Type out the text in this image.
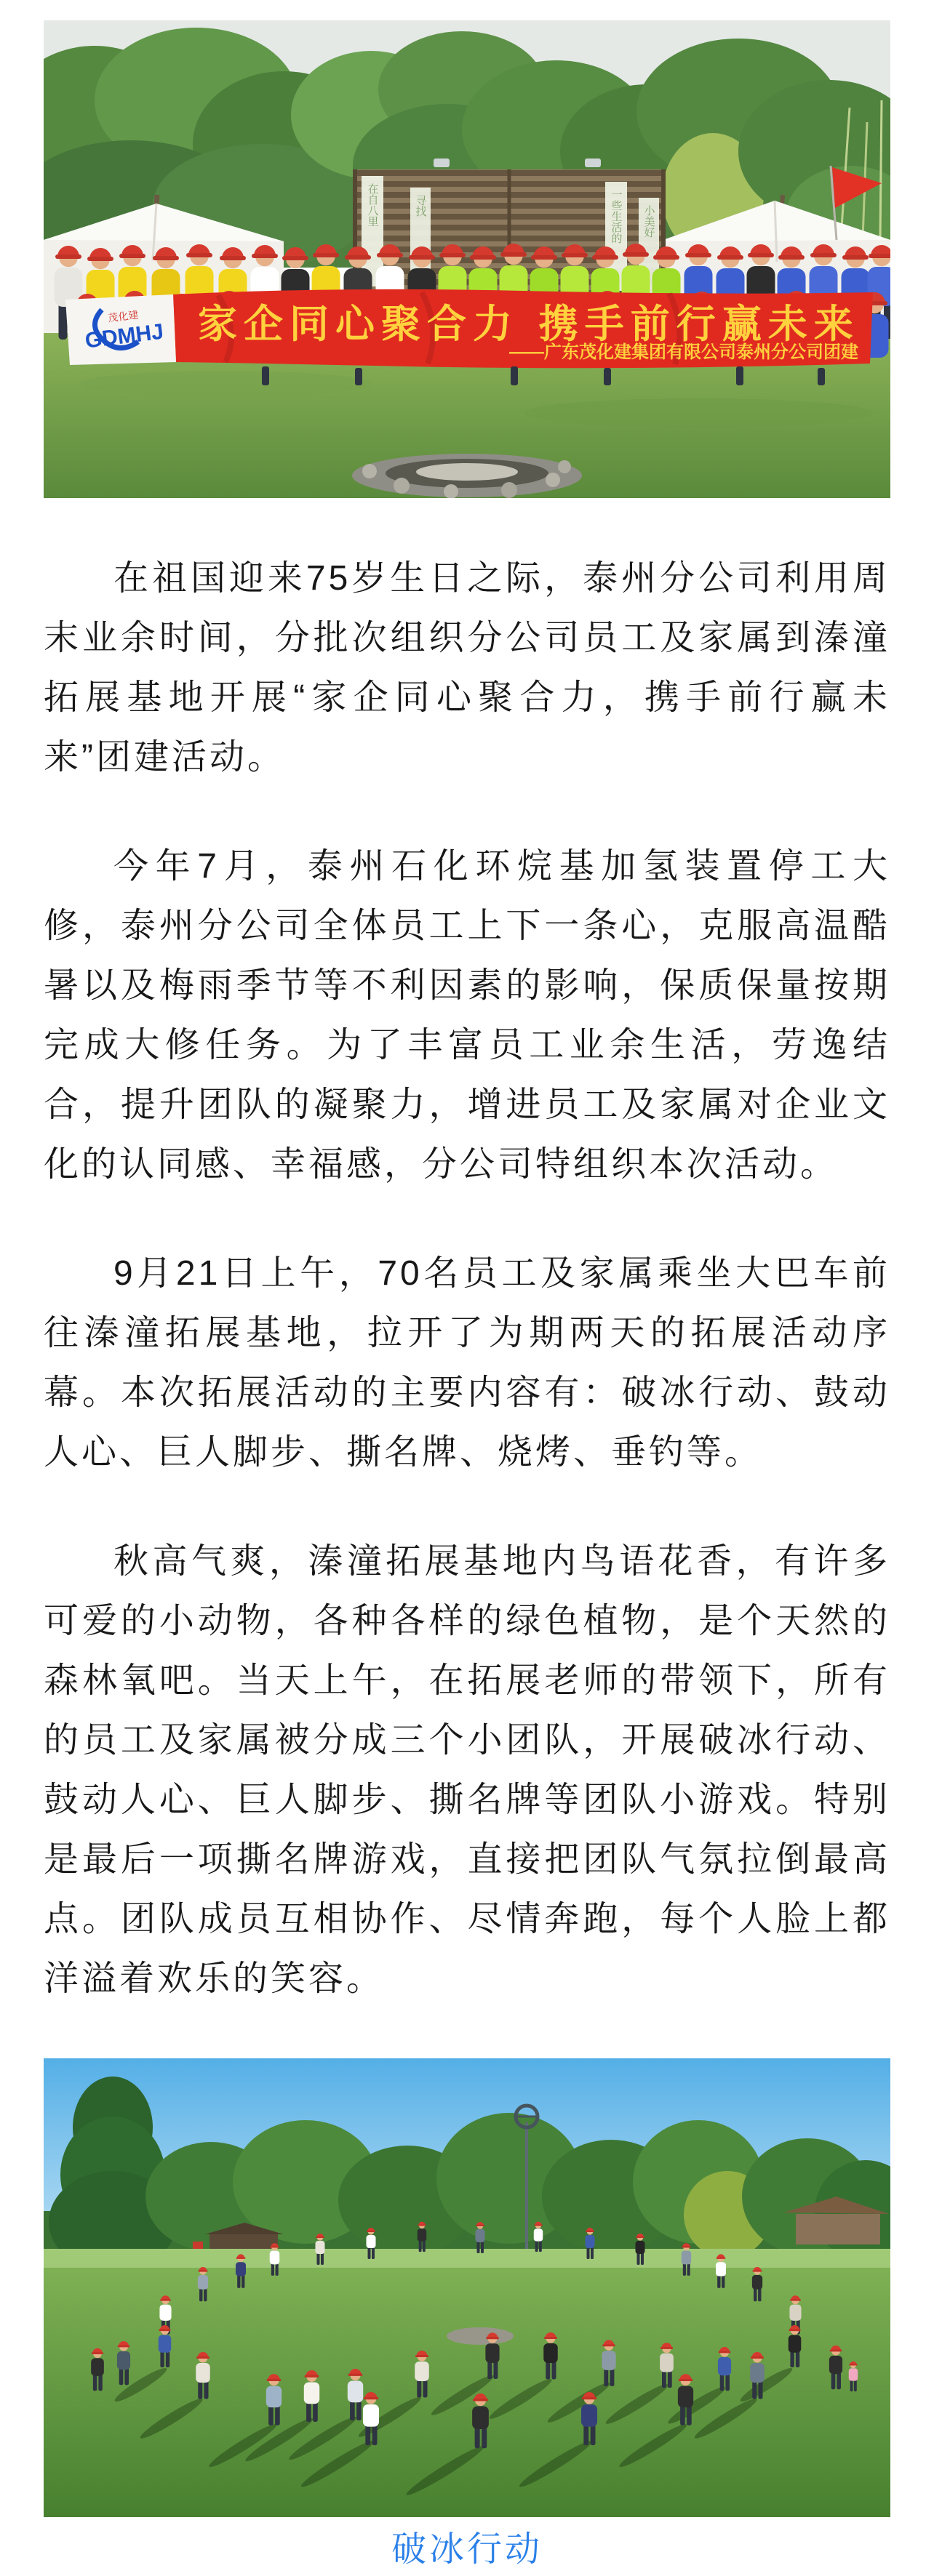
在自八里	寻找	一些生活的 小美好
茂化建
GDMHJ 家企同心聚合力 携手前行赢未来
——广东茂化建集团有限公司泰州分公司团建

在祖国迎来75岁生日之际，泰州分公司利用周末业余时间，分批次组织分公司员工及家属到溱潼拓展基地开展“家企同心聚合力，携手前行赢未来”团建活动。

今年7月，泰州石化环烷基加氢装置停工大修，泰州分公司全体员工上下一条心，克服高温酷暑以及梅雨季节等不利因素的影响，保质保量按期完成大修任务。为了丰富员工业余生活，劳逸结合，提升团队的凝聚力，增进员工及家属对企业文化的认同感、幸福感，分公司特组织本次活动。

9月21日上午，70名员工及家属乘坐大巴车前往溱潼拓展基地，拉开了为期两天的拓展活动序幕。本次拓展活动的主要内容有：破冰行动、鼓动人心、巨人脚步、撕名牌、烧烤、垂钓等。

秋高气爽，溱潼拓展基地内鸟语花香，有许多可爱的小动物，各种各样的绿色植物，是个天然的森林氧吧。当天上午，在拓展老师的带领下，所有的员工及家属被分成三个小团队，开展破冰行动、鼓动人心、巨人脚步、撕名牌等团队小游戏。特别是最后一项撕名牌游戏，直接把团队气氛拉倒最高点。团队成员互相协作、尽情奔跑，每个人脸上都洋溢着欢乐的笑容。

破冰行动
